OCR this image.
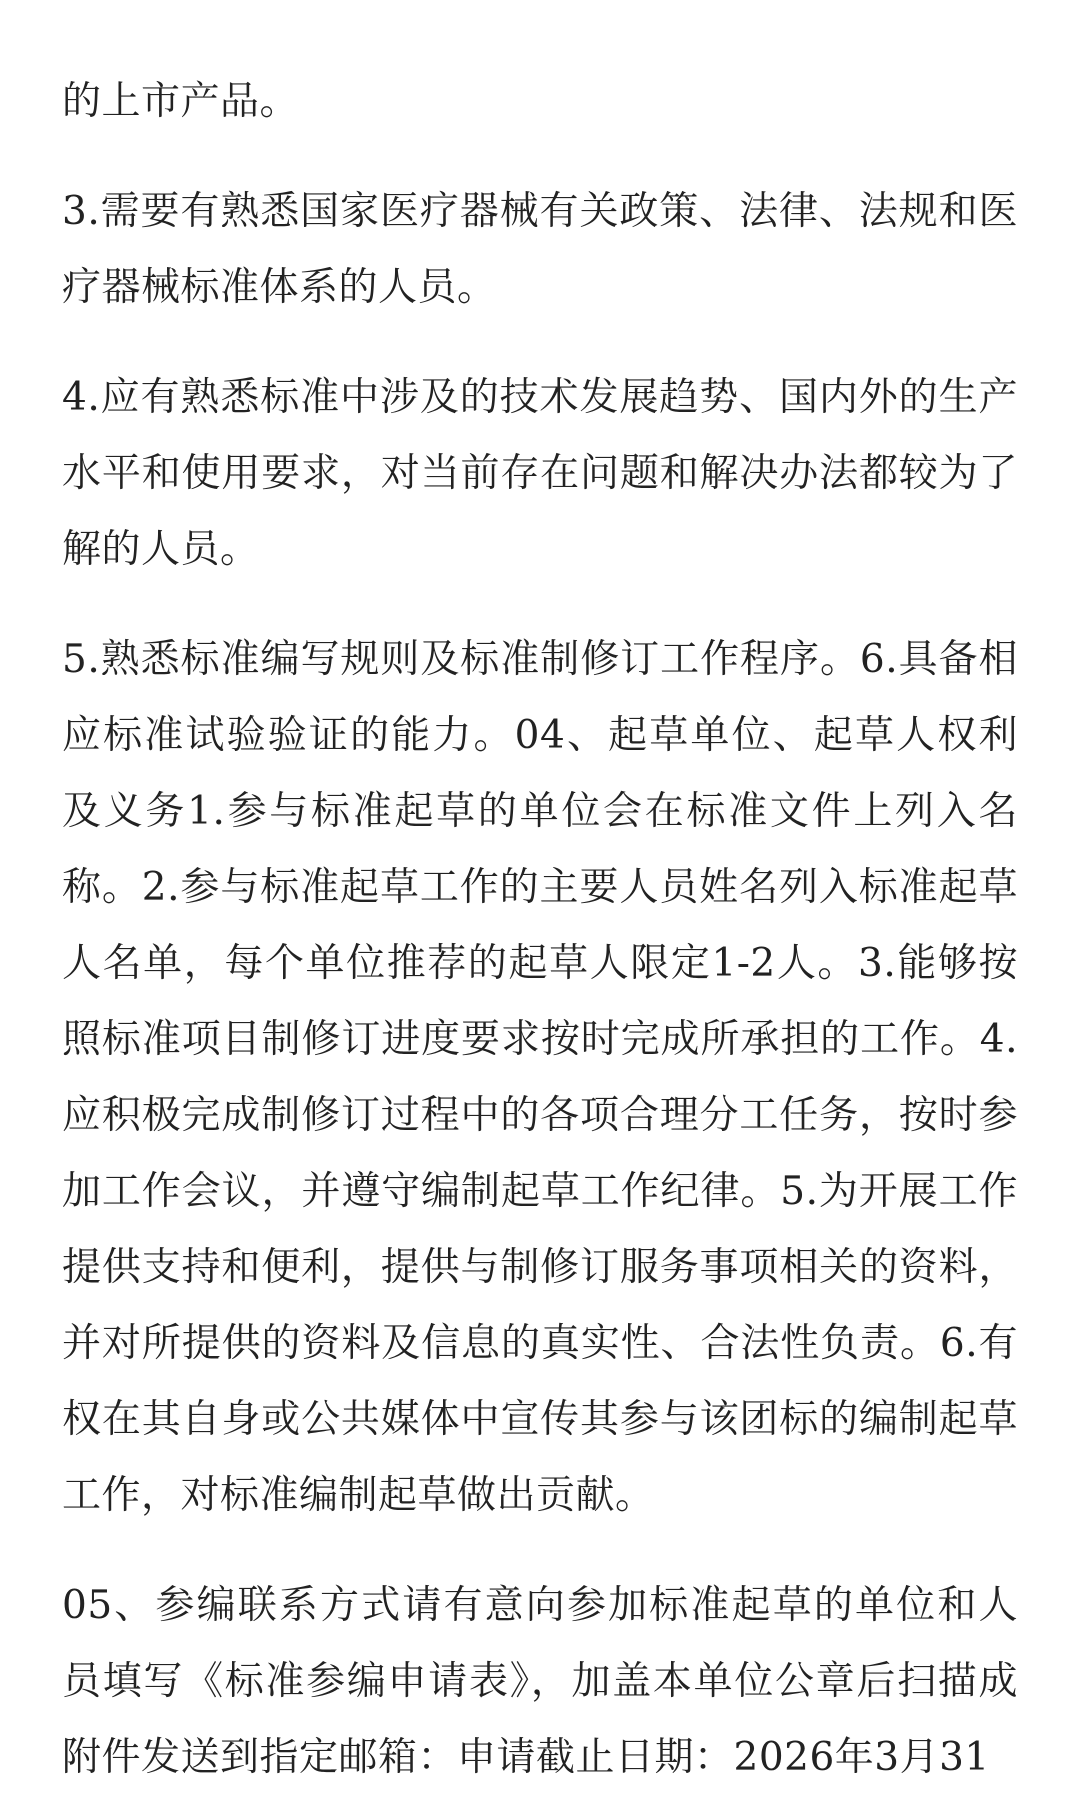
的上市产品。

3.需要有熟悉国家医疗器械有关政策、法律、法规和医疗器械标准体系的人员。

4.应有熟悉标准中涉及的技术发展趋势、国内外的生产水平和使用要求，对当前存在问题和解决办法都较为了解的人员。

5.熟悉标准编写规则及标准制修订工作程序。6.具备相应标准试验验证的能力。04、起草单位、起草人权利及义务1.参与标准起草的单位会在标准文件上列入名称。2.参与标准起草工作的主要人员姓名列入标准起草人名单，每个单位推荐的起草人限定1-2人。3.能够按照标准项目制修订进度要求按时完成所承担的工作。4.应积极完成制修订过程中的各项合理分工任务，按时参加工作会议，并遵守编制起草工作纪律。5.为开展工作提供支持和便利，提供与制修订服务事项相关的资料，并对所提供的资料及信息的真实性、合法性负责。6.有权在其自身或公共媒体中宣传其参与该团标的编制起草工作，对标准编制起草做出贡献。

05、参编联系方式请有意向参加标准起草的单位和人员填写《标准参编申请表》，加盖本单位公章后扫描成附件发送到指定邮箱：申请截止日期：2026年3月31
